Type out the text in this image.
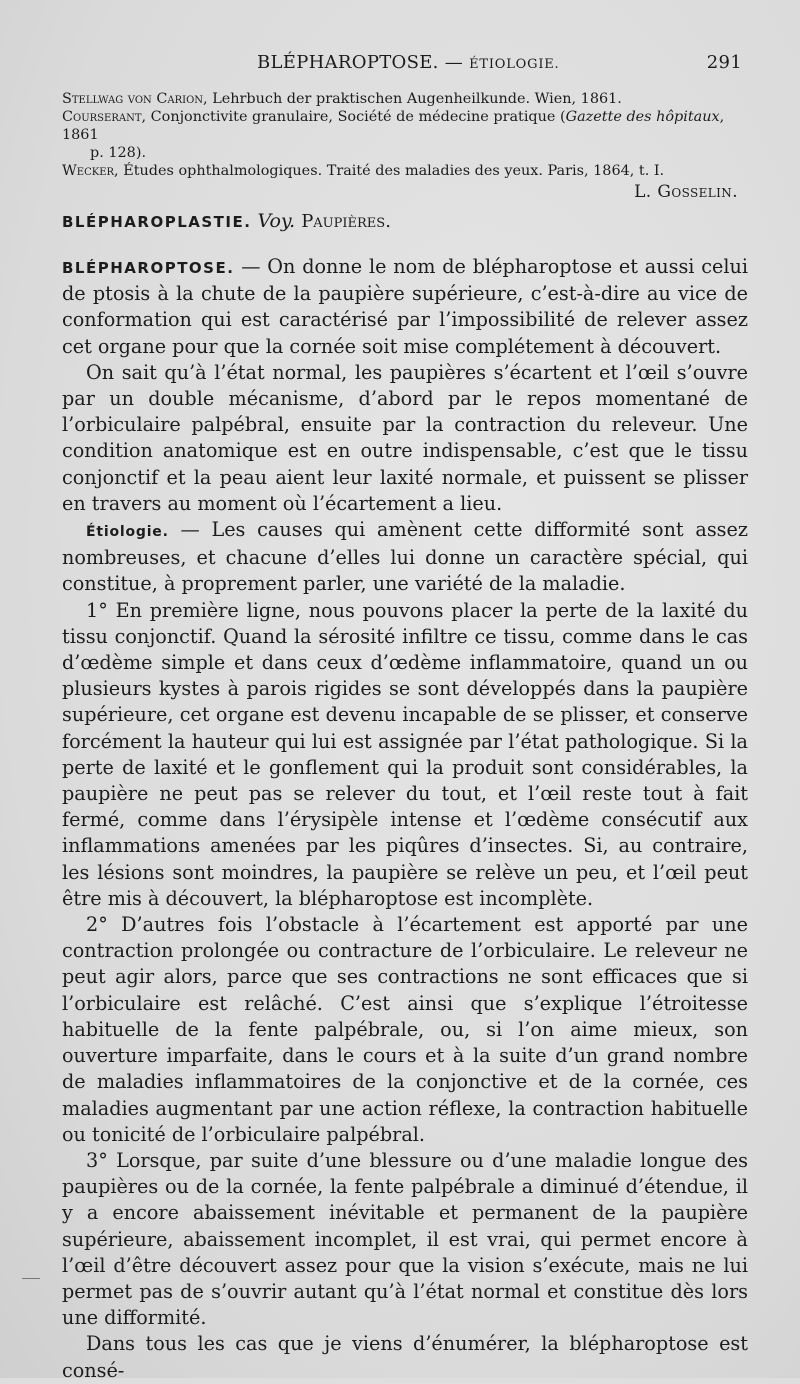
BLÉPHAROPTOSE. — ÉTIOLOGIE.	291
Stellwag von Carion, Lehrbuch der praktischen Augenheilkunde. Wien, 1861.
Courserant, Conjonctivite granulaire, Société de médecine pratique (Gazette des hôpitaux, 1861
p. 128).
Wecker, Études ophthalmologiques. Traité des maladies des yeux. Paris, 1864, t. I.
L. Gosselin.
BLÉPHAROPLASTIE. Voy. Paupières.

BLÉPHAROPTOSE. — On donne le nom de blépharoptose et aussi celui de ptosis à la chute de la paupière supérieure, c’est-à-dire au vice de conformation qui est caractérisé par l’impossibilité de relever assez cet organe pour que la cornée soit mise complétement à découvert.

On sait qu’à l’état normal, les paupières s’écartent et l’œil s’ouvre par un double mécanisme, d’abord par le repos momentané de l’orbiculaire palpébral, ensuite par la contraction du releveur. Une condition anatomique est en outre indispensable, c’est que le tissu conjonctif et la peau aient leur laxité normale, et puissent se plisser en travers au moment où l’écartement a lieu.

Étiologie. — Les causes qui amènent cette difformité sont assez nombreuses, et chacune d’elles lui donne un caractère spécial, qui constitue, à proprement parler, une variété de la maladie.

1° En première ligne, nous pouvons placer la perte de la laxité du tissu conjonctif. Quand la sérosité infiltre ce tissu, comme dans le cas d’œdème simple et dans ceux d’œdème inflammatoire, quand un ou plusieurs kystes à parois rigides se sont développés dans la paupière supérieure, cet organe est devenu incapable de se plisser, et conserve forcément la hauteur qui lui est assignée par l’état pathologique. Si la perte de laxité et le gonflement qui la produit sont considérables, la paupière ne peut pas se relever du tout, et l’œil reste tout à fait fermé, comme dans l’érysipèle intense et l’œdème consécutif aux inflammations amenées par les piqûres d’insectes. Si, au contraire, les lésions sont moindres, la paupière se relève un peu, et l’œil peut être mis à découvert, la blépharoptose est incomplète.

2° D’autres fois l’obstacle à l’écartement est apporté par une contraction prolongée ou contracture de l’orbiculaire. Le releveur ne peut agir alors, parce que ses contractions ne sont efficaces que si l’orbiculaire est relâché. C’est ainsi que s’explique l’étroitesse habituelle de la fente palpébrale, ou, si l’on aime mieux, son ouverture imparfaite, dans le cours et à la suite d’un grand nombre de maladies inflammatoires de la conjonctive et de la cornée, ces maladies augmentant par une action réflexe, la contraction habituelle ou tonicité de l’orbiculaire palpébral.

3° Lorsque, par suite d’une blessure ou d’une maladie longue des paupières ou de la cornée, la fente palpébrale a diminué d’étendue, il y a encore abaissement inévitable et permanent de la paupière supérieure, abaissement incomplet, il est vrai, qui permet encore à l’œil d’être découvert assez pour que la vision s’exécute, mais ne lui permet pas de s’ouvrir autant qu’à l’état normal et constitue dès lors une difformité.

Dans tous les cas que je viens d’énumérer, la blépharoptose est consé-
